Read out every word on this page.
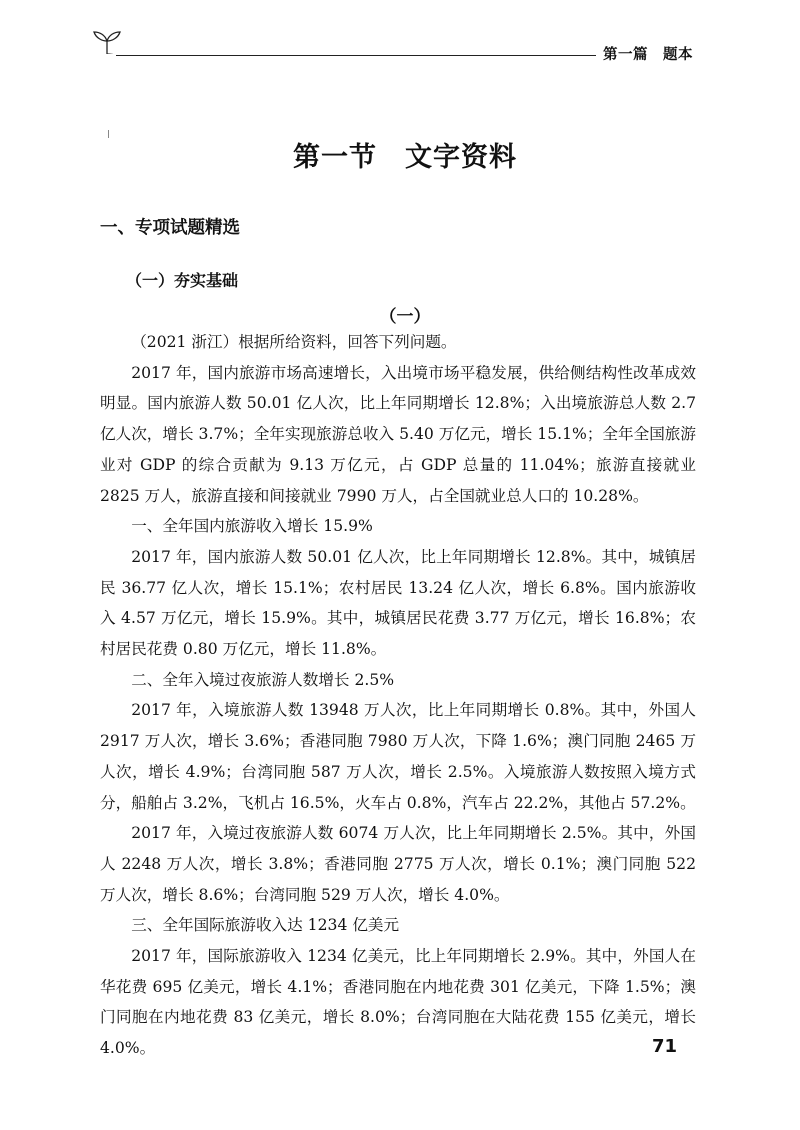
第一篇　题本
第一节　文字资料
一、专项试题精选
（一）夯实基础
（一）

（2021 浙江）根据所给资料，回答下列问题。

2017 年，国内旅游市场高速增长，入出境市场平稳发展，供给侧结构性改革成效明显。国内旅游人数 50.01 亿人次，比上年同期增长 12.8%；入出境旅游总人数 2.7 亿人次，增长 3.7%；全年实现旅游总收入 5.40 万亿元，增长 15.1%；全年全国旅游业对 GDP 的综合贡献为 9.13 万亿元，占 GDP 总量的 11.04%；旅游直接就业 2825 万人，旅游直接和间接就业 7990 万人，占全国就业总人口的 10.28%。

一、全年国内旅游收入增长 15.9%

2017 年，国内旅游人数 50.01 亿人次，比上年同期增长 12.8%。其中，城镇居民 36.77 亿人次，增长 15.1%；农村居民 13.24 亿人次，增长 6.8%。国内旅游收入 4.57 万亿元，增长 15.9%。其中，城镇居民花费 3.77 万亿元，增长 16.8%；农村居民花费 0.80 万亿元，增长 11.8%。

二、全年入境过夜旅游人数增长 2.5%

2017 年，入境旅游人数 13948 万人次，比上年同期增长 0.8%。其中，外国人 2917 万人次，增长 3.6%；香港同胞 7980 万人次，下降 1.6%；澳门同胞 2465 万人次，增长 4.9%；台湾同胞 587 万人次，增长 2.5%。入境旅游人数按照入境方式分，船舶占 3.2%，飞机占 16.5%，火车占 0.8%，汽车占 22.2%，其他占 57.2%。

2017 年，入境过夜旅游人数 6074 万人次，比上年同期增长 2.5%。其中，外国人 2248 万人次，增长 3.8%；香港同胞 2775 万人次，增长 0.1%；澳门同胞 522 万人次，增长 8.6%；台湾同胞 529 万人次，增长 4.0%。

三、全年国际旅游收入达 1234 亿美元

2017 年，国际旅游收入 1234 亿美元，比上年同期增长 2.9%。其中，外国人在华花费 695 亿美元，增长 4.1%；香港同胞在内地花费 301 亿美元，下降 1.5%；澳门同胞在内地花费 83 亿美元，增长 8.0%；台湾同胞在大陆花费 155 亿美元，增长 4.0%。	71
